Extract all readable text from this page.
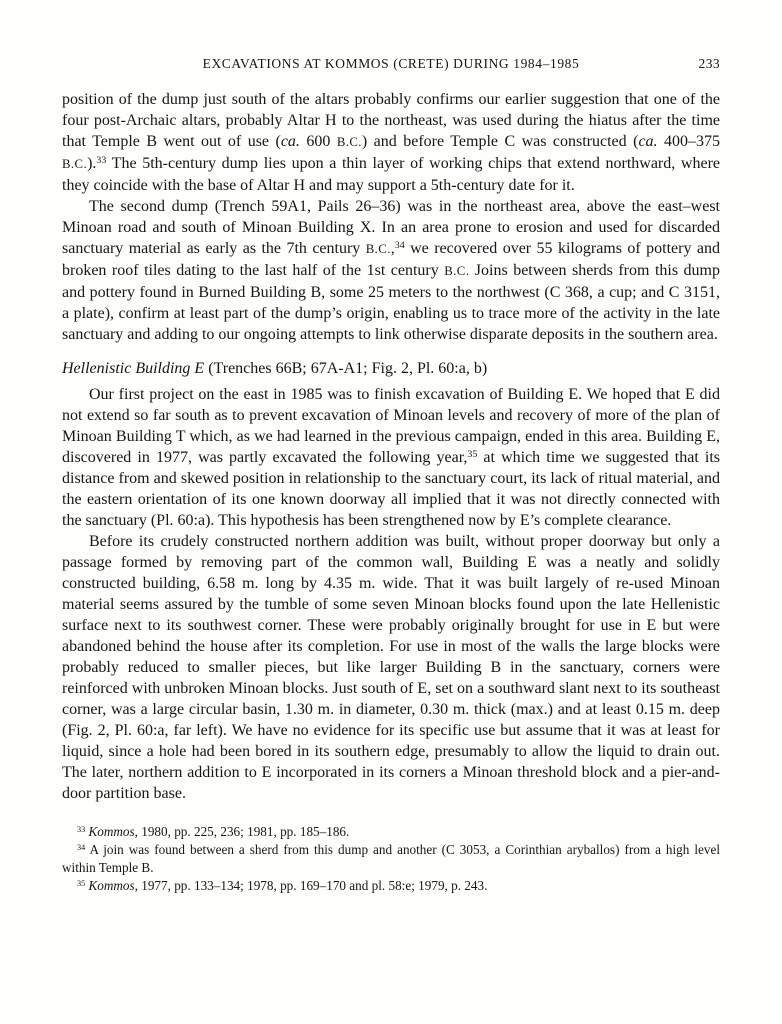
EXCAVATIONS AT KOMMOS (CRETE) DURING 1984–1985	233

position of the dump just south of the altars probably confirms our earlier suggestion that one of the four post-Archaic altars, probably Altar H to the northeast, was used during the hiatus after the time that Temple B went out of use (ca. 600 B.C.) and before Temple C was constructed (ca. 400–375 B.C.).$^{33}$ The 5th-century dump lies upon a thin layer of working chips that extend northward, where they coincide with the base of Altar H and may support a 5th-century date for it.

The second dump (Trench 59A1, Pails 26–36) was in the northeast area, above the east–west Minoan road and south of Minoan Building X. In an area prone to erosion and used for discarded sanctuary material as early as the 7th century B.C.,$^{34}$ we recovered over 55 kilograms of pottery and broken roof tiles dating to the last half of the 1st century B.C. Joins between sherds from this dump and pottery found in Burned Building B, some 25 meters to the northwest (C 368, a cup; and C 3151, a plate), confirm at least part of the dump’s origin, enabling us to trace more of the activity in the late sanctuary and adding to our ongoing attempts to link otherwise disparate deposits in the southern area.

Hellenistic Building E (Trenches 66B; 67A-A1; Fig. 2, Pl. 60:a, b)

Our first project on the east in 1985 was to finish excavation of Building E. We hoped that E did not extend so far south as to prevent excavation of Minoan levels and recovery of more of the plan of Minoan Building T which, as we had learned in the previous campaign, ended in this area. Building E, discovered in 1977, was partly excavated the following year,$^{35}$ at which time we suggested that its distance from and skewed position in relationship to the sanctuary court, its lack of ritual material, and the eastern orientation of its one known doorway all implied that it was not directly connected with the sanctuary (Pl. 60:a). This hypothesis has been strengthened now by E’s complete clearance.

Before its crudely constructed northern addition was built, without proper doorway but only a passage formed by removing part of the common wall, Building E was a neatly and solidly constructed building, 6.58 m. long by 4.35 m. wide. That it was built largely of re-used Minoan material seems assured by the tumble of some seven Minoan blocks found upon the late Hellenistic surface next to its southwest corner. These were probably originally brought for use in E but were abandoned behind the house after its completion. For use in most of the walls the large blocks were probably reduced to smaller pieces, but like larger Building B in the sanctuary, corners were reinforced with unbroken Minoan blocks. Just south of E, set on a southward slant next to its southeast corner, was a large circular basin, 1.30 m. in diameter, 0.30 m. thick (max.) and at least 0.15 m. deep (Fig. 2, Pl. 60:a, far left). We have no evidence for its specific use but assume that it was at least for liquid, since a hole had been bored in its southern edge, presumably to allow the liquid to drain out. The later, northern addition to E incorporated in its corners a Minoan threshold block and a pier-and-door partition base.

$^{33}$ Kommos, 1980, pp. 225, 236; 1981, pp. 185–186.

$^{34}$ A join was found between a sherd from this dump and another (C 3053, a Corinthian aryballos) from a high level within Temple B.

$^{35}$ Kommos, 1977, pp. 133–134; 1978, pp. 169–170 and pl. 58:e; 1979, p. 243.
